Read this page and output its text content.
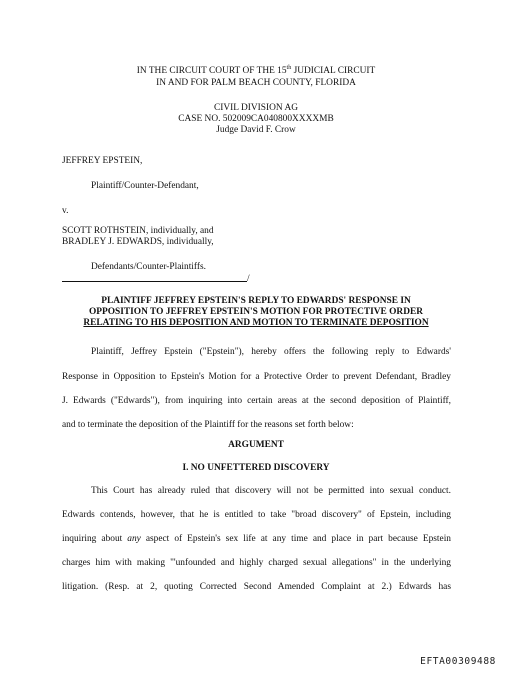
IN THE CIRCUIT COURT OF THE 15th JUDICIAL CIRCUIT
IN AND FOR PALM BEACH COUNTY, FLORIDA
CIVIL DIVISION AG
CASE NO. 502009CA040800XXXXMB
Judge David F. Crow
JEFFREY EPSTEIN,
Plaintiff/Counter-Defendant,
v.
SCOTT ROTHSTEIN, individually, and
BRADLEY J. EDWARDS, individually,
Defendants/Counter-Plaintiffs.
/
PLAINTIFF JEFFREY EPSTEIN'S REPLY TO EDWARDS' RESPONSE IN
OPPOSITION TO JEFFREY EPSTEIN'S MOTION FOR PROTECTIVE ORDER
RELATING TO HIS DEPOSITION AND MOTION TO TERMINATE DEPOSITION
Plaintiff, Jeffrey Epstein ("Epstein"), hereby offers the following reply to Edwards'
Response in Opposition to Epstein's Motion for a Protective Order to prevent Defendant, Bradley
J. Edwards ("Edwards"), from inquiring into certain areas at the second deposition of Plaintiff,
and to terminate the deposition of the Plaintiff for the reasons set forth below:
ARGUMENT
I. NO UNFETTERED DISCOVERY
This Court has already ruled that discovery will not be permitted into sexual conduct.
Edwards contends, however, that he is entitled to take "broad discovery" of Epstein, including
inquiring about any aspect of Epstein's sex life at any time and place in part because Epstein
charges him with making "'unfounded and highly charged sexual allegations" in the underlying
litigation. (Resp. at 2, quoting Corrected Second Amended Complaint at 2.) Edwards has
EFTA00309488
